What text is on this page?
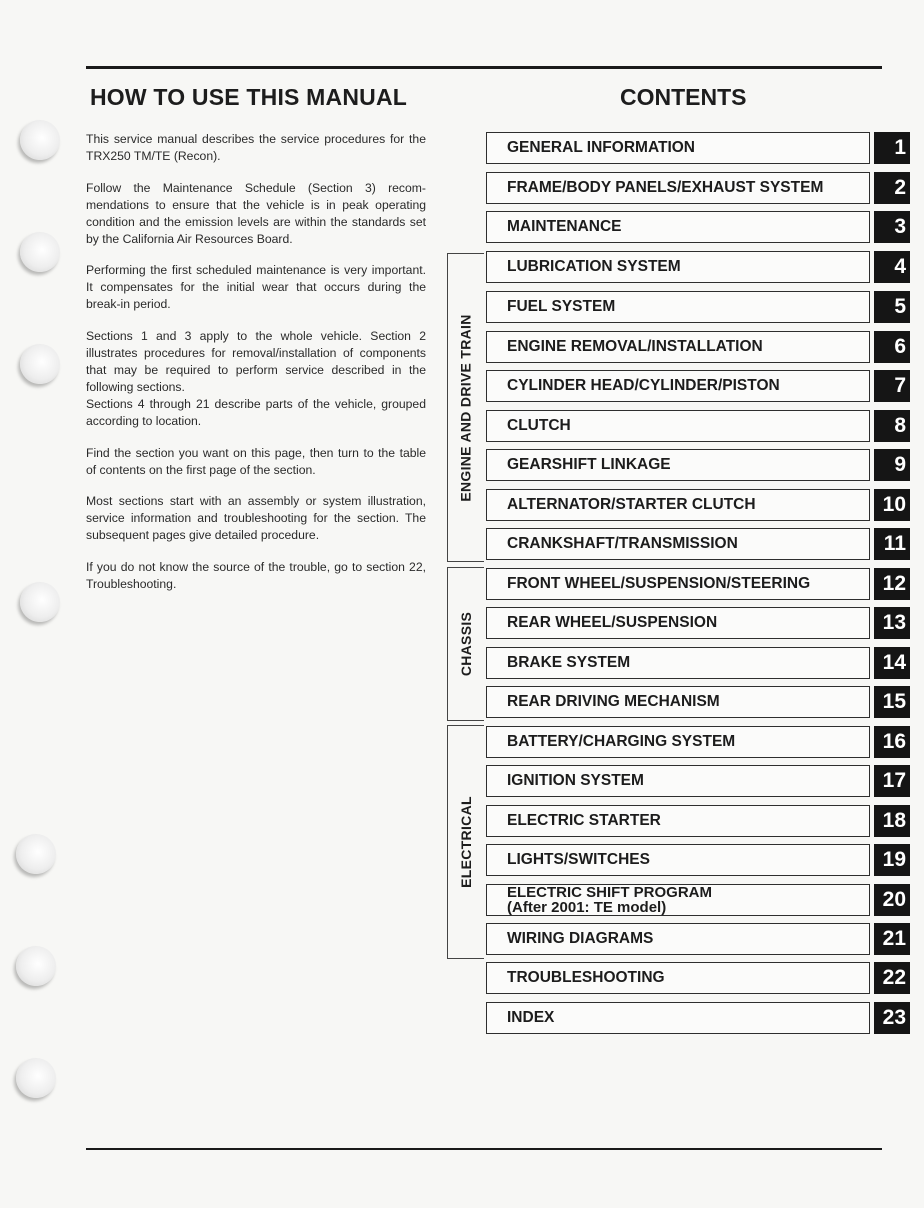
HOW TO USE THIS MANUAL	CONTENTS

This service manual describes the service procedures for the TRX250 TM/TE (Recon).

Follow the Maintenance Schedule (Section 3) recom-mendations to ensure that the vehicle is in peak operating condition and the emission levels are within the standards set by the California Air Resources Board.

Performing the first scheduled maintenance is very important. It compensates for the initial wear that occurs during the break-in period.

Sections 1 and 3 apply to the whole vehicle. Section 2 illustrates procedures for removal/installation of components that may be required to perform service described in the following sections.
Sections 4 through 21 describe parts of the vehicle, grouped according to location.

Find the section you want on this page, then turn to the table of contents on the first page of the section.

Most sections start with an assembly or system illustration, service information and troubleshooting for the section. The subsequent pages give detailed procedure.

If you do not know the source of the trouble, go to section 22, Troubleshooting.

ENGINE AND DRIVE TRAIN
CHASSIS
ELECTRICAL
GENERAL INFORMATION	1
FRAME/BODY PANELS/EXHAUST SYSTEM	2
MAINTENANCE	3
LUBRICATION SYSTEM	4
FUEL SYSTEM	5
ENGINE REMOVAL/INSTALLATION	6
CYLINDER HEAD/CYLINDER/PISTON	7
CLUTCH	8
GEARSHIFT LINKAGE	9
ALTERNATOR/STARTER CLUTCH	10
CRANKSHAFT/TRANSMISSION	11
FRONT WHEEL/SUSPENSION/STEERING	12
REAR WHEEL/SUSPENSION	13
BRAKE SYSTEM	14
REAR DRIVING MECHANISM	15
BATTERY/CHARGING SYSTEM	16
IGNITION SYSTEM	17
ELECTRIC STARTER	18
LIGHTS/SWITCHES	19
ELECTRIC SHIFT PROGRAM
(After 2001: TE model)	20
WIRING DIAGRAMS	21
TROUBLESHOOTING	22
INDEX	23
